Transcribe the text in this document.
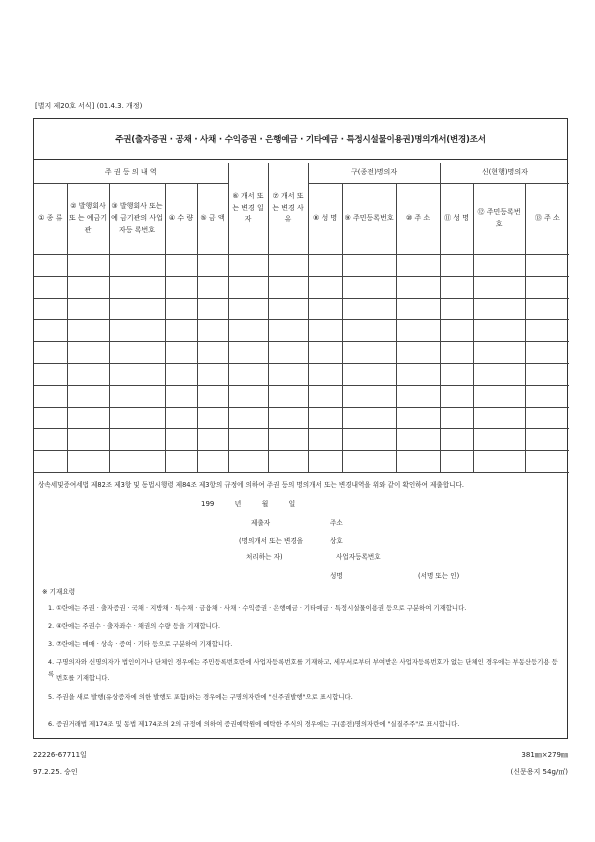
[별지 제20호 서식] (01.4.3. 개정)
주권(출자증권 · 공채 · 사채 · 수익증권 · 은행예금 · 기타예금 · 특정시설물이용권)명의개서(변경)조서
주 권 등 의 내 역					⑥ 개서 또는 변경 일자	⑦ 개서 또는 변경 사유	구(종전)명의자			신(현행)명의자		
① 종 류	② 발행회사 또 는 예금기관	③ 발행회사 또는 예 금기관의 사업자등 록번호	④ 수 량	⑤ 금 액			⑧ 성 명	⑨ 주민등록번호	⑩ 주 소	⑪ 성 명	⑫ 주민등록번호	⑬ 주 소

상속세및증여세법 제82조 제3항 및 동법시행령 제84조 제3항의 규정에 의하여 주권 등의 명의개서 또는 변경내역을 위와 같이 확인하여 제출합니다.
199 년 월 일
제출자	주소
(명의개서 또는 변경을	상호
처리하는 자)	사업자등록번호
성명	(서명 또는 인)
※ 기재요령
1. ①란에는 주권 · 출자증권 · 국채 · 지방채 · 특수채 · 금융채 · 사채 · 수익증권 · 은행예금 · 기타예금 · 특정시설물이용권 등으로 구분하여 기재합니다.
2. ④란에는 주권수 · 출자좌수 · 채권의 수량 등을 기재합니다.
3. ⑦란에는 매매 · 상속 · 증여 · 기타 등으로 구분하여 기재합니다.
4. 구명의자와 신명의자가 법인이거나 단체인 경우에는 주민등록번호란에 사업자등록번호를 기재하고, 세무서로부터 부여받은 사업자등록번호가 없는 단체인 경우에는 부동산등기용 등록 번호를 기재합니다.
5. 주권을 새로 발행(유상증자에 의한 발행도 포함)하는 경우에는 구명의자란에 "신주권발행"으로 표시합니다.
6. 증권거래법 제174조 및 동법 제174조의 2의 규정에 의하여 증권예탁원에 예탁한 주식의 경우에는 구(종전)명의자란에 "실질주주"로 표시합니다.
22226-67711일
97.2.25. 승인
381㎜×279㎜
(신문용지 54g/㎡)
